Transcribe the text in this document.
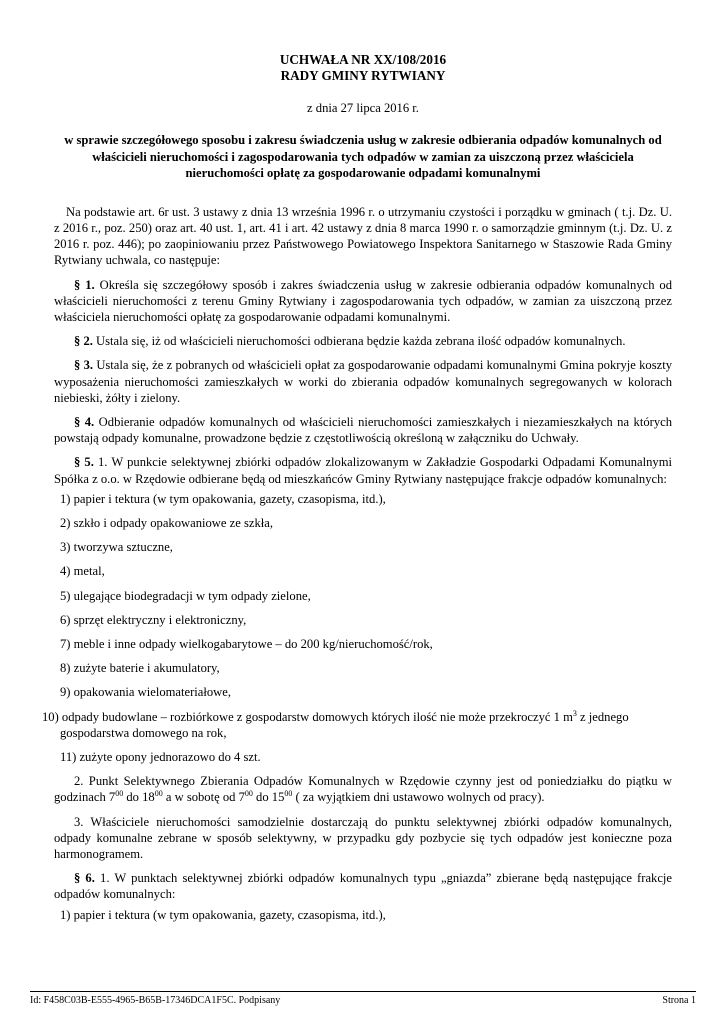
UCHWAŁA NR XX/108/2016
RADY GMINY RYTWIANY
z dnia 27 lipca 2016 r.
w sprawie szczegółowego sposobu i zakresu świadczenia usług w zakresie odbierania odpadów komunalnych od właścicieli nieruchomości i zagospodarowania tych odpadów w zamian za uiszczoną przez właściciela nieruchomości opłatę za gospodarowanie odpadami komunalnymi
Na podstawie art. 6r ust. 3 ustawy z dnia 13 września 1996 r. o utrzymaniu czystości i porządku w gminach ( t.j. Dz. U. z 2016 r., poz. 250) oraz art. 40 ust. 1, art. 41 i art. 42 ustawy z dnia 8 marca 1990 r. o samorządzie gminnym (t.j. Dz. U. z 2016 r. poz. 446); po zaopiniowaniu przez Państwowego Powiatowego Inspektora Sanitarnego w Staszowie Rada Gminy Rytwiany uchwala, co następuje:

§ 1. Określa się szczegółowy sposób i zakres świadczenia usług w zakresie odbierania odpadów komunalnych od właścicieli nieruchomości z terenu Gminy Rytwiany i zagospodarowania tych odpadów, w zamian za uiszczoną przez właściciela nieruchomości opłatę za gospodarowanie odpadami komunalnymi.

§ 2. Ustala się, iż od właścicieli nieruchomości odbierana będzie każda zebrana ilość odpadów komunalnych.

§ 3. Ustala się, że z pobranych od właścicieli opłat za gospodarowanie odpadami komunalnymi Gmina pokryje koszty wyposażenia nieruchomości zamieszkałych w worki do zbierania odpadów komunalnych segregowanych w kolorach niebieski, żółty i zielony.

§ 4. Odbieranie odpadów komunalnych od właścicieli nieruchomości zamieszkałych i niezamieszkałych na których powstają odpady komunalne, prowadzone będzie z częstotliwością określoną w załączniku do Uchwały.

§ 5. 1. W punkcie selektywnej zbiórki odpadów zlokalizowanym w Zakładzie Gospodarki Odpadami Komunalnymi Spółka z o.o. w Rzędowie odbierane będą od mieszkańców Gminy Rytwiany następujące frakcje odpadów komunalnych:

1) papier i tektura (w tym opakowania, gazety, czasopisma, itd.),
2) szkło i odpady opakowaniowe ze szkła,
3) tworzywa sztuczne,
4) metal,
5) ulegające biodegradacji w tym odpady zielone,
6) sprzęt elektryczny i elektroniczny,
7) meble i inne odpady wielkogabarytowe – do 200 kg/nieruchomość/rok,
8) zużyte baterie i akumulatory,
9) opakowania wielomateriałowe,
10) odpady budowlane – rozbiórkowe z gospodarstw domowych których ilość nie może przekroczyć 1 $m^3$ z jednego gospodarstwa domowego na rok,
11) zużyte opony jednorazowo do 4 szt.

2. Punkt Selektywnego Zbierania Odpadów Komunalnych w Rzędowie czynny jest od poniedziałku do piątku w godzinach $7^{00}$ do $18^{00}$ a w sobotę od $7^{00}$ do $15^{00}$ ( za wyjątkiem dni ustawowo wolnych od pracy).

3. Właściciele nieruchomości samodzielnie dostarczają do punktu selektywnej zbiórki odpadów komunalnych, odpady komunalne zebrane w sposób selektywny, w przypadku gdy pozbycie się tych odpadów jest konieczne poza harmonogramem.

§ 6. 1. W punktach selektywnej zbiórki odpadów komunalnych typu „gniazda” zbierane będą następujące frakcje odpadów komunalnych:

1) papier i tektura (w tym opakowania, gazety, czasopisma, itd.),
Id: F458C03B-E555-4965-B65B-17346DCA1F5C. Podpisany	Strona 1
